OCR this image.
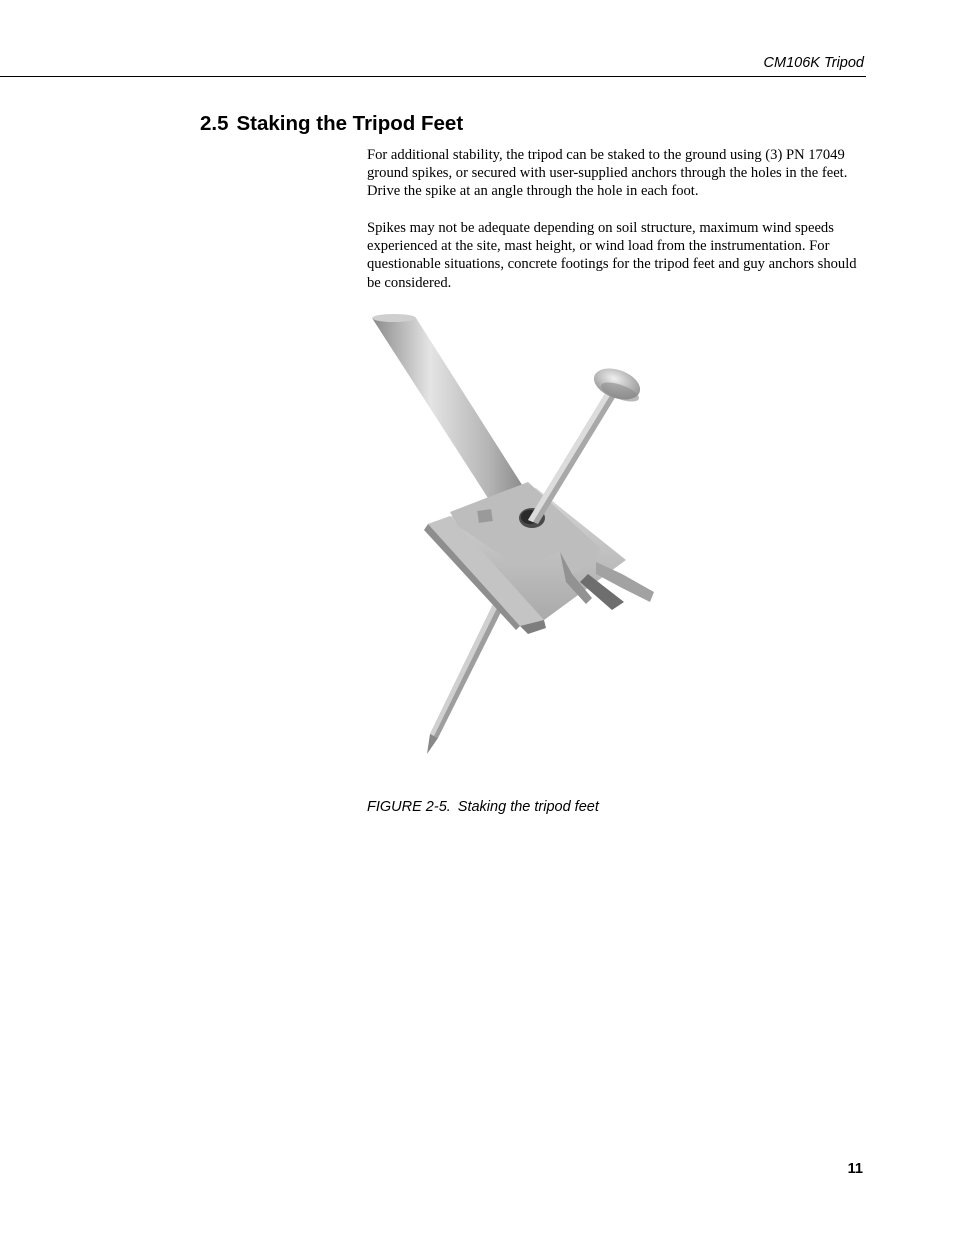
CM106K Tripod
2.5 Staking the Tripod Feet
For additional stability, the tripod can be staked to the ground using (3) PN 17049 ground spikes, or secured with user-supplied anchors through the holes in the feet. Drive the spike at an angle through the hole in each foot.
Spikes may not be adequate depending on soil structure, maximum wind speeds experienced at the site, mast height, or wind load from the instrumentation. For questionable situations, concrete footings for the tripod feet and guy anchors should be considered.
FIGURE 2-5. Staking the tripod feet
11
